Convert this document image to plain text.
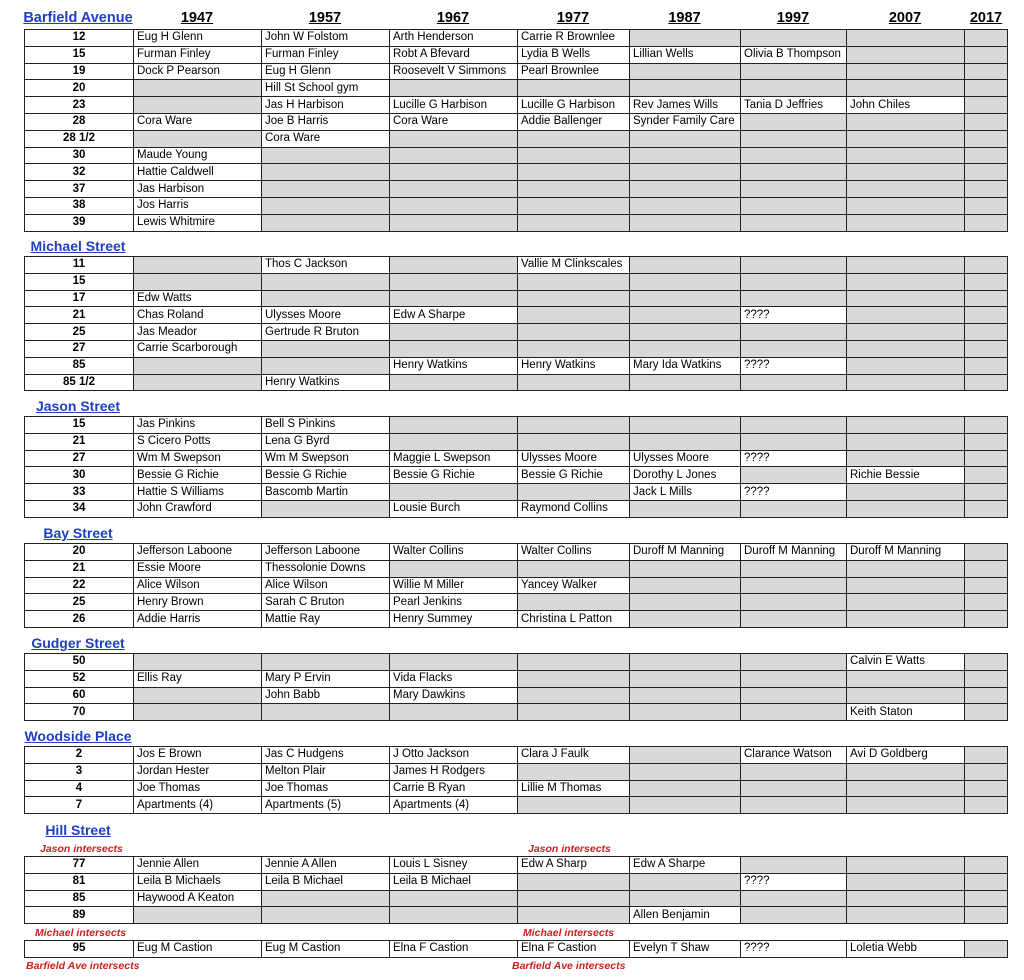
Barfield Avenue	1947	1957	1967	1977	1987	1997	2007	2017
Michael Street
Jason Street
Bay Street
Gudger Street
Woodside Place
Hill Street
Jason intersects	Jason intersects
Michael intersects	Michael intersects
Barfield Ave intersects	Barfield Ave intersects
12	Eug H Glenn	John W Folstom	Arth Henderson	Carrie R Brownlee				
15	Furman Finley	Furman Finley	Robt A Bfevard	Lydia B Wells	Lillian Wells	Olivia B Thompson		
19	Dock P Pearson	Eug H Glenn	Roosevelt V Simmons	Pearl Brownlee				
20		Hill St School gym						
23		Jas H Harbison	Lucille G Harbison	Lucille G Harbison	Rev James Wills	Tania D Jeffries	John Chiles	
28	Cora Ware	Joe B Harris	Cora Ware	Addie Ballenger	Synder Family Care			
28 1/2		Cora Ware						
30	Maude Young							
32	Hattie Caldwell							
37	Jas Harbison							
38	Jos Harris							
39	Lewis Whitmire							
11		Thos C Jackson		Vallie M Clinkscales				
15								
17	Edw Watts							
21	Chas Roland	Ulysses Moore	Edw A Sharpe			????		
25	Jas Meador	Gertrude R Bruton						
27	Carrie Scarborough							
85			Henry Watkins	Henry Watkins	Mary Ida Watkins	????		
85 1/2		Henry Watkins						
15	Jas Pinkins	Bell S Pinkins						
21	S Cicero Potts	Lena G Byrd						
27	Wm M Swepson	Wm M Swepson	Maggie L Swepson	Ulysses Moore	Ulysses Moore	????		
30	Bessie G Richie	Bessie G Richie	Bessie G Richie	Bessie G Richie	Dorothy L Jones		Richie Bessie	
33	Hattie S Williams	Bascomb Martin			Jack L Mills	????		
34	John Crawford		Lousie Burch	Raymond Collins				
20	Jefferson Laboone	Jefferson Laboone	Walter Collins	Walter Collins	Duroff M Manning	Duroff M Manning	Duroff M Manning	
21	Essie Moore	Thessolonie Downs						
22	Alice Wilson	Alice Wilson	Willie M Miller	Yancey Walker				
25	Henry Brown	Sarah C Bruton	Pearl Jenkins					
26	Addie Harris	Mattie Ray	Henry Summey	Christina L Patton				
50							Calvin E Watts	
52	Ellis Ray	Mary P Ervin	Vida Flacks					
60		John Babb	Mary Dawkins					
70							Keith Staton	
2	Jos E Brown	Jas C Hudgens	J Otto Jackson	Clara J Faulk		Clarance Watson	Avi D Goldberg	
3	Jordan Hester	Melton Plair	James H Rodgers					
4	Joe Thomas	Joe Thomas	Carrie B Ryan	Lillie M Thomas				
7	Apartments (4)	Apartments (5)	Apartments (4)					
77	Jennie Allen	Jennie A Allen	Louis L Sisney	Edw A Sharp	Edw A Sharpe			
81	Leila B Michaels	Leila B Michael	Leila B Michael			????		
85	Haywood A Keaton							
89					Allen Benjamin			
95	Eug M Castion	Eug M Castion	Elna F Castion	Elna F Castion	Evelyn T Shaw	????	Loletia Webb	
